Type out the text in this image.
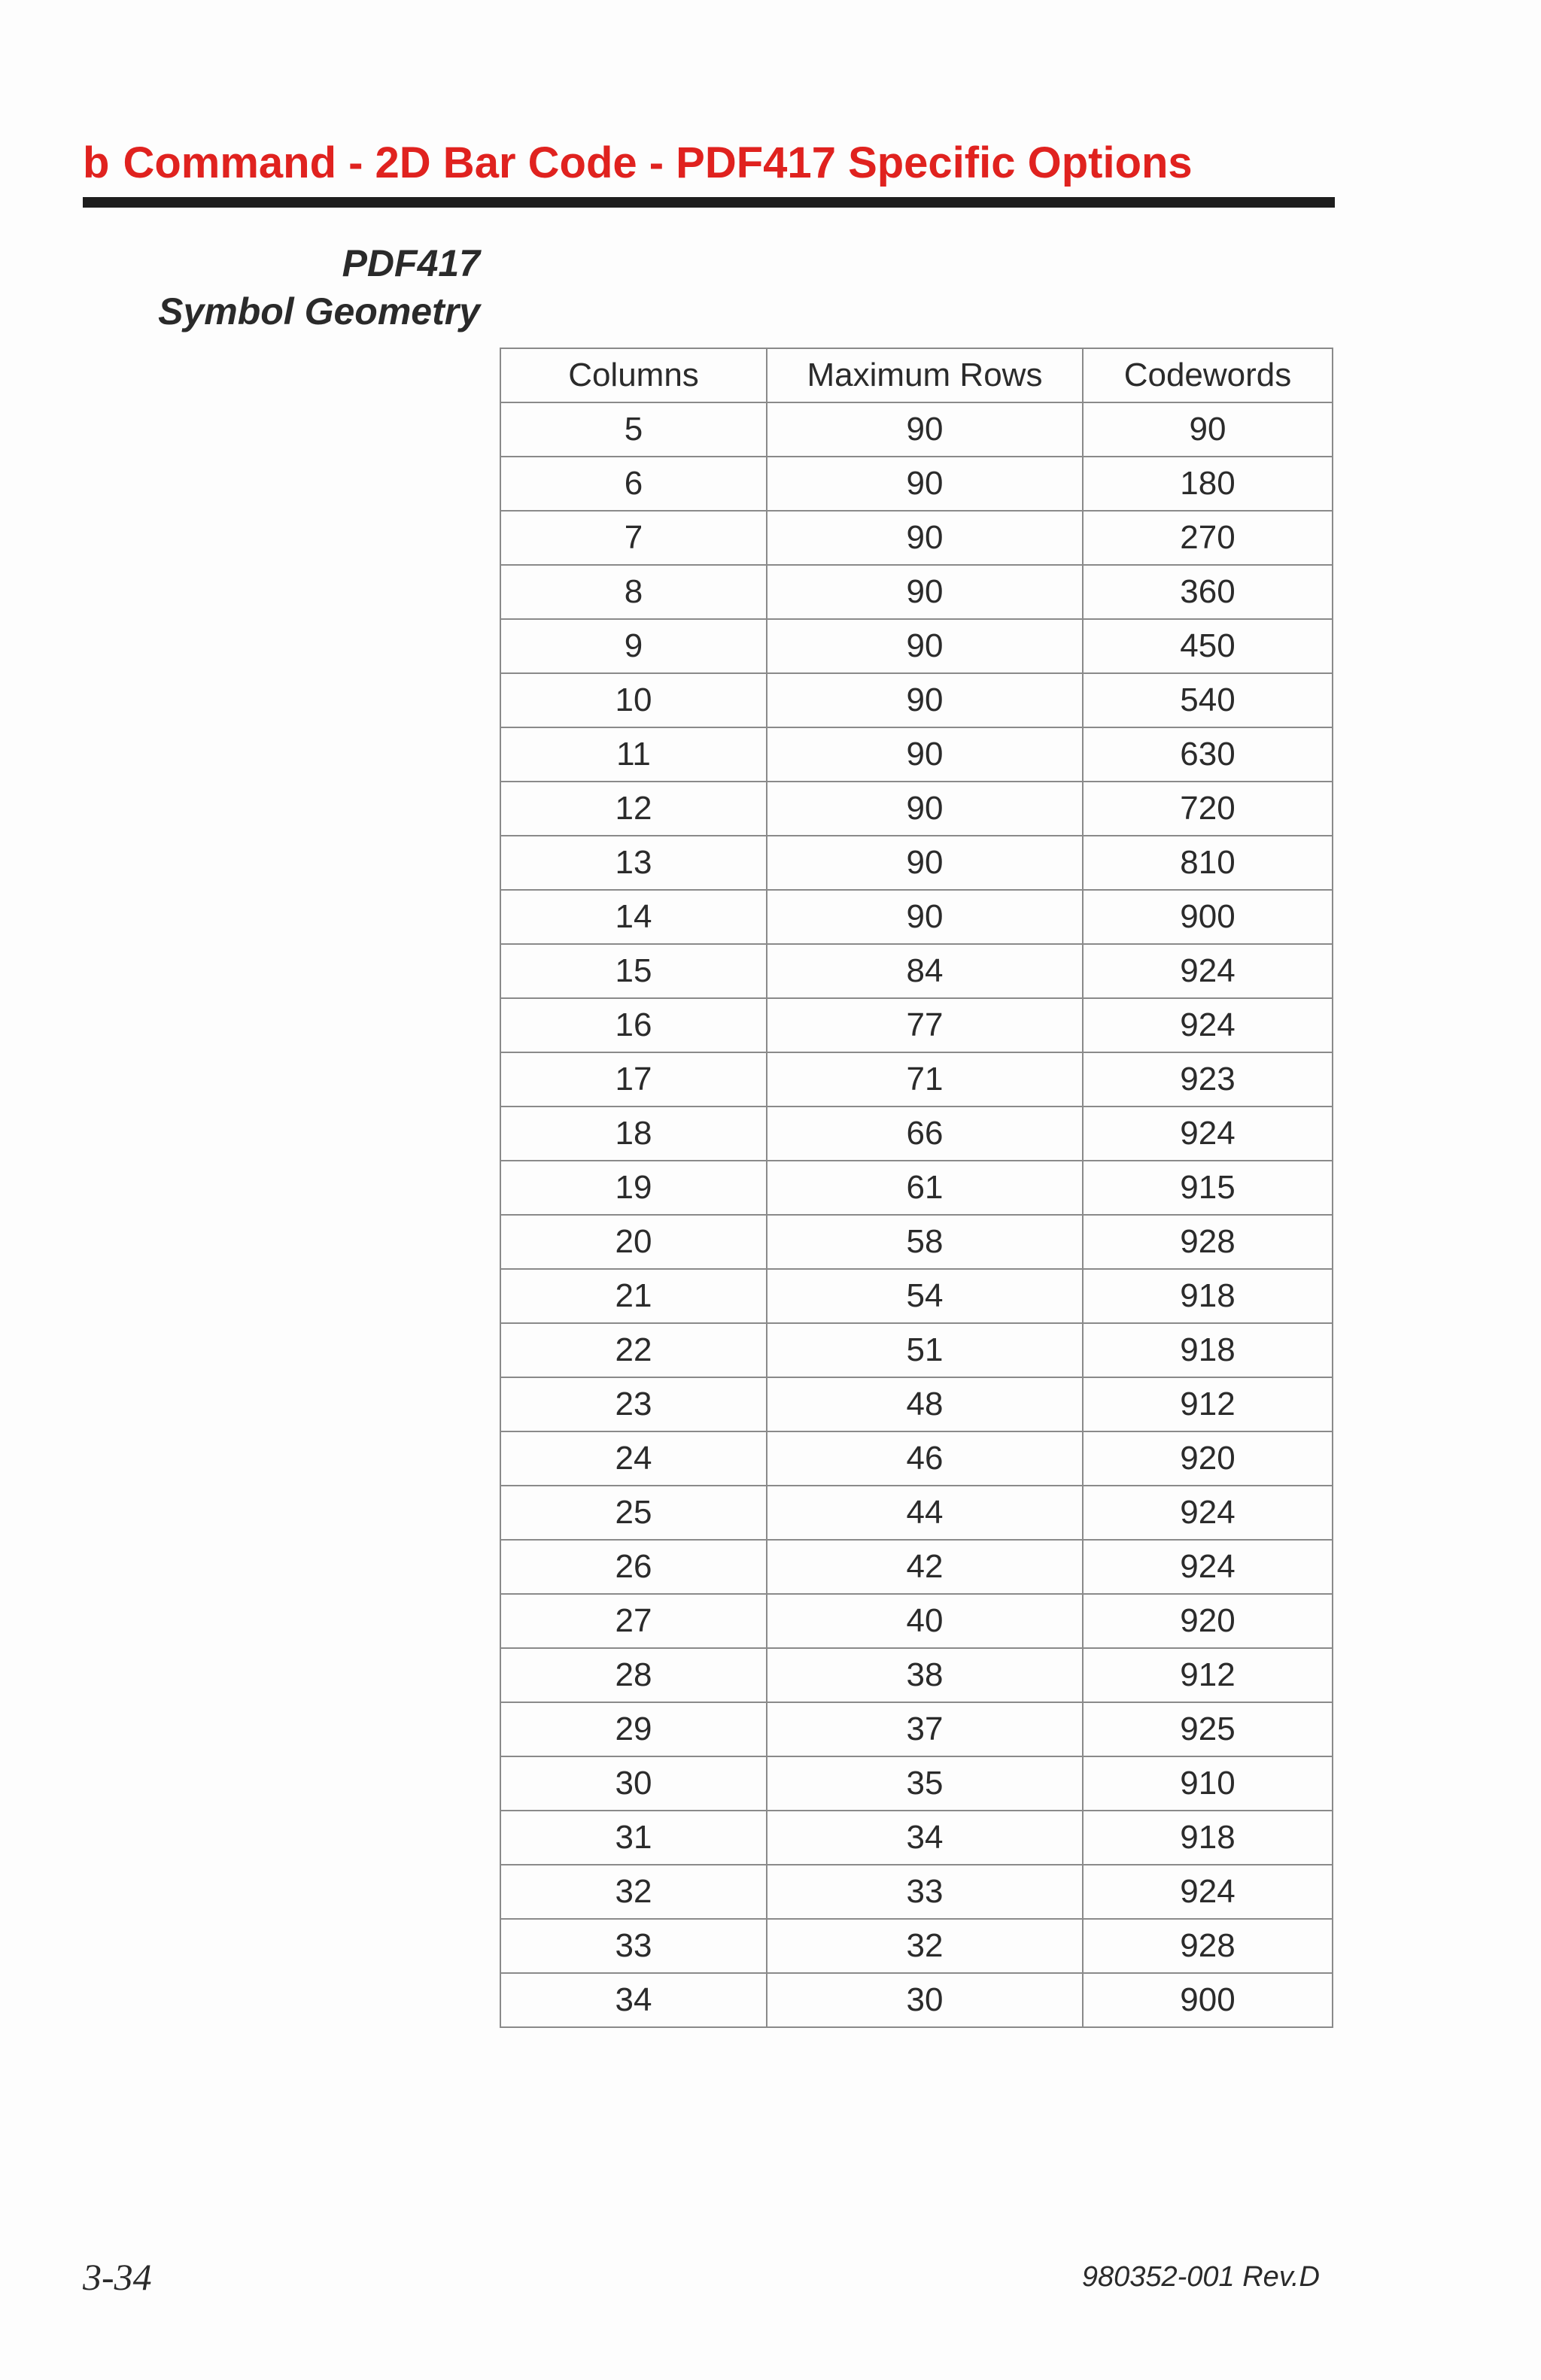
b Command - 2D Bar Code - PDF417 Specific Options
PDF417
Symbol Geometry
Columns	Maximum Rows	Codewords
5	90	90
6	90	180
7	90	270
8	90	360
9	90	450
10	90	540
11	90	630
12	90	720
13	90	810
14	90	900
15	84	924
16	77	924
17	71	923
18	66	924
19	61	915
20	58	928
21	54	918
22	51	918
23	48	912
24	46	920
25	44	924
26	42	924
27	40	920
28	38	912
29	37	925
30	35	910
31	34	918
32	33	924
33	32	928
34	30	900
3-34	980352-001 Rev.D
